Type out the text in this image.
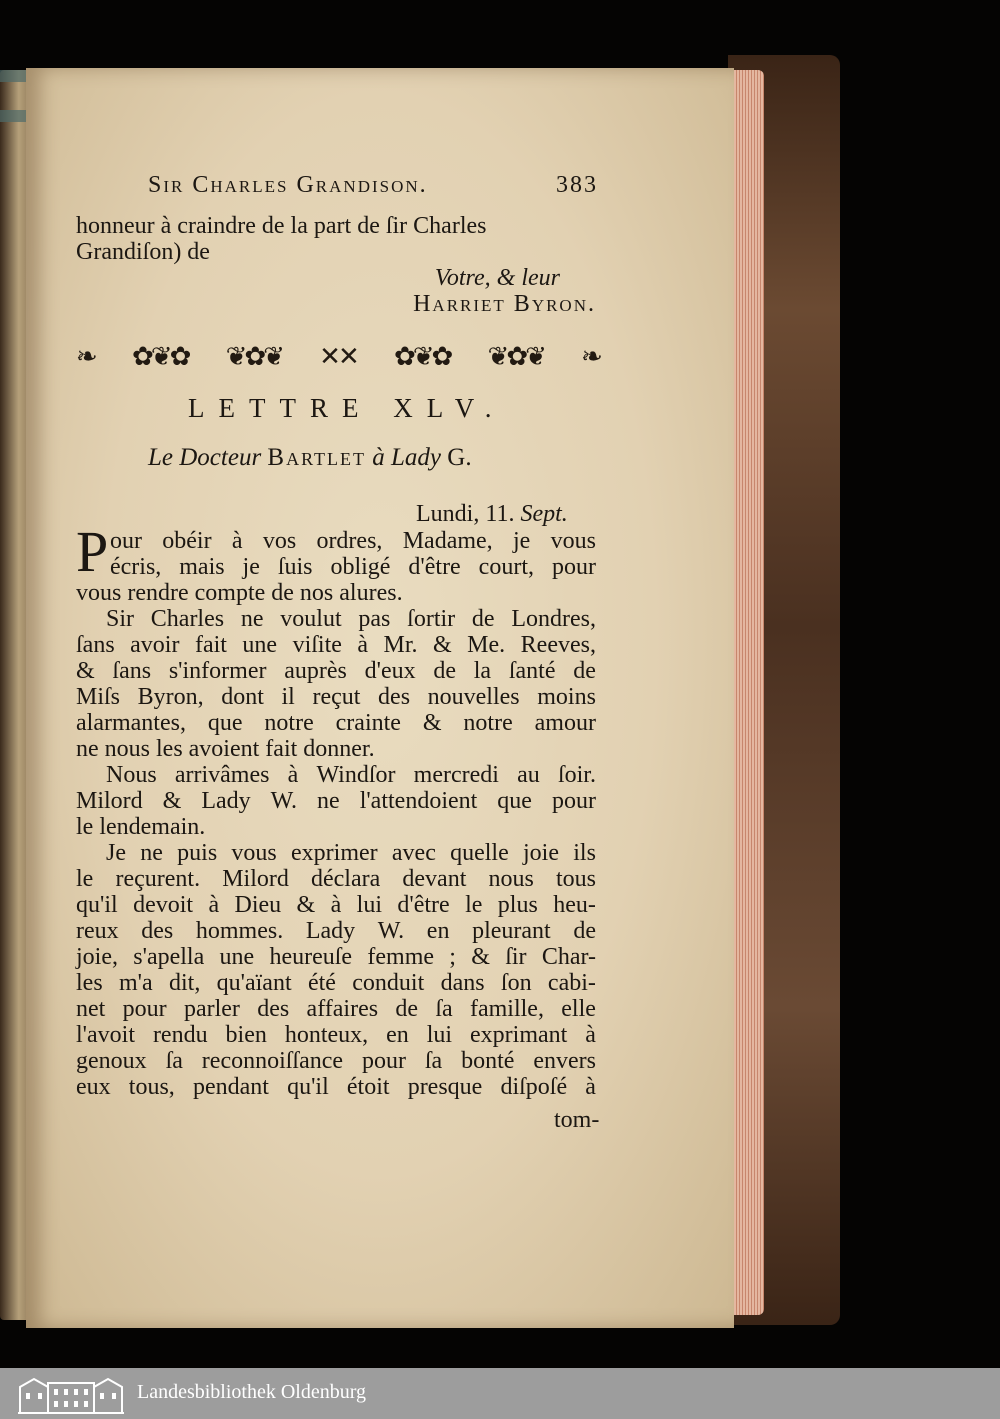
Sir Charles Grandison.	383
honneur à craindre de la part de ſir Charles
Grandiſon) de
Votre, & leur
Harriet Byron.
❧ ✿❦✿ ❦✿❦ ✕✕ ✿❦✿ ❦✿❦ ❧
LETTRE XLV.
Le Docteur Bartlet à Lady G.
Lundi, 11. Sept.
our obéir à vos ordres, Madame, je vous
écris, mais je ſuis obligé d'être court, pour
vous rendre compte de nos alures.
Sir Charles ne voulut pas ſortir de Londres,
ſans avoir fait une viſite à Mr. & Me. Reeves,
& ſans s'informer auprès d'eux de la ſanté de
Miſs Byron, dont il reçut des nouvelles moins
alarmantes, que notre crainte & notre amour
ne nous les avoient fait donner.
Nous arrivâmes à Windſor mercredi au ſoir.
Milord & Lady W. ne l'attendoient que pour
le lendemain.
Je ne puis vous exprimer avec quelle joie ils
le reçurent. Milord déclara devant nous tous
qu'il devoit à Dieu & à lui d'être le plus heu-
reux des hommes. Lady W. en pleurant de
joie, s'apella une heureuſe femme ; & ſir Char-
les m'a dit, qu'aïant été conduit dans ſon cabi-
net pour parler des affaires de ſa famille, elle
l'avoit rendu bien honteux, en lui exprimant à
genoux ſa reconnoiſſance pour ſa bonté envers
eux tous, pendant qu'il étoit presque diſpoſé à
P
tom-
Landesbibliothek Oldenburg
